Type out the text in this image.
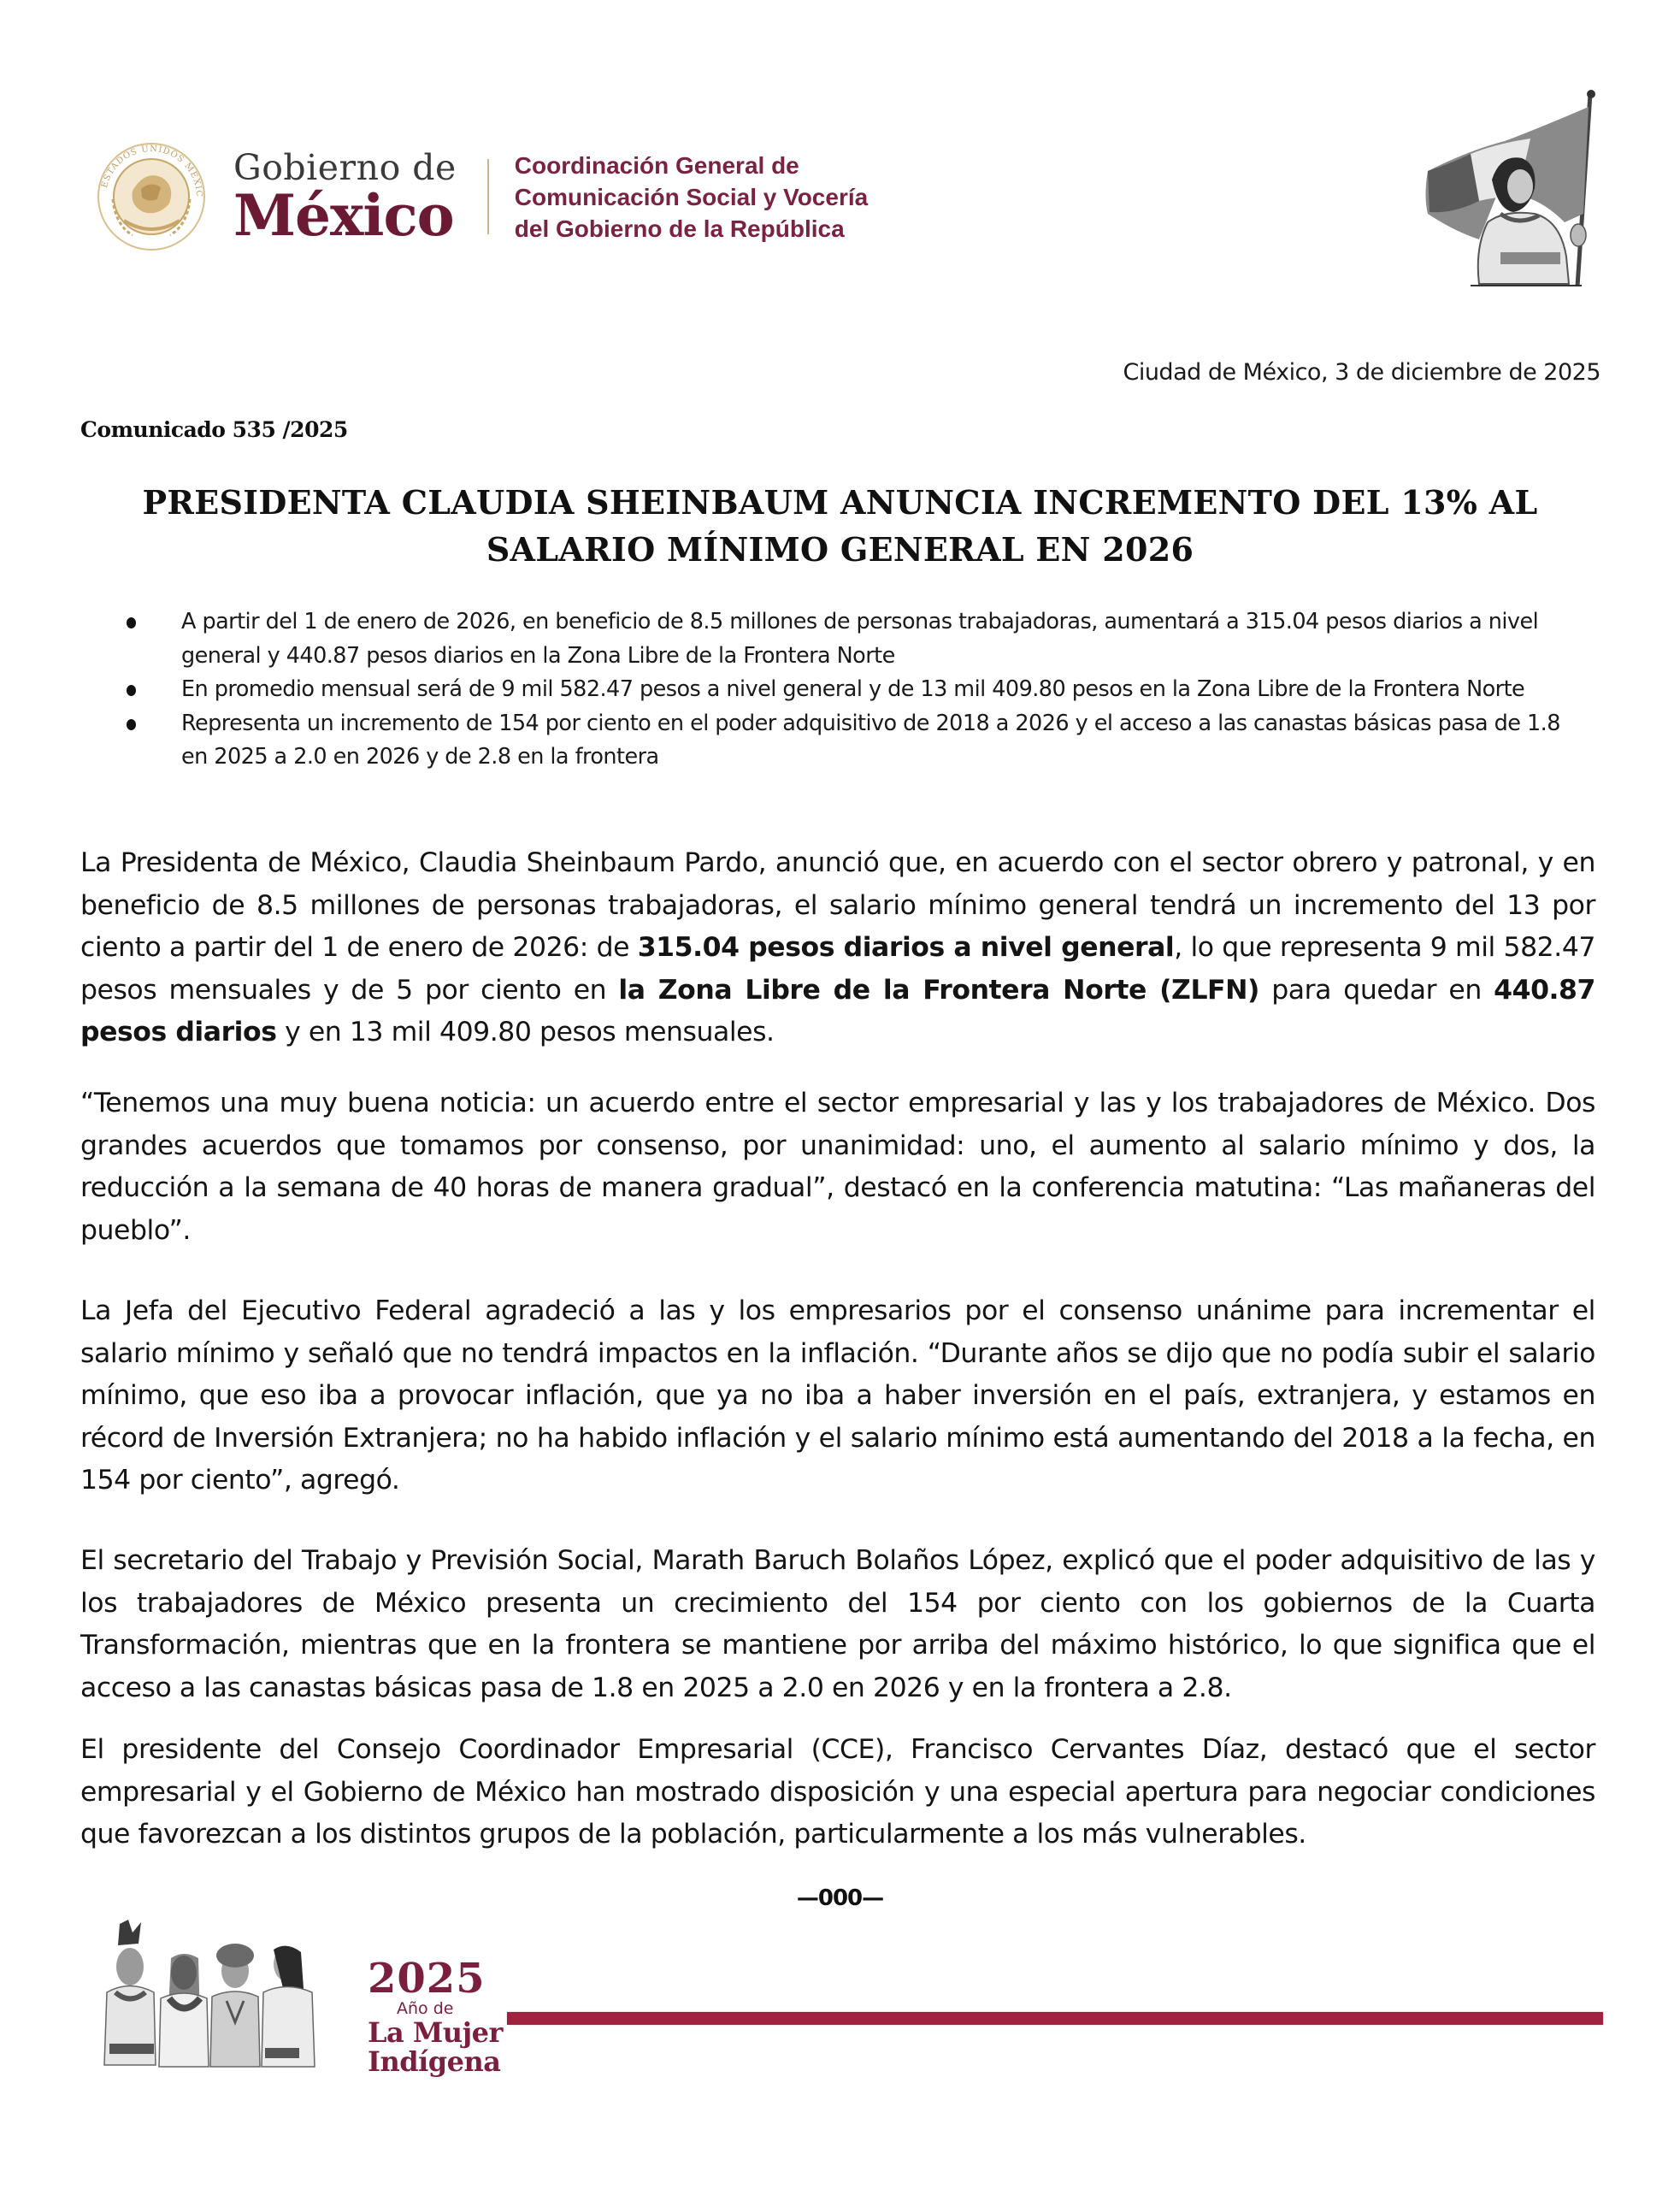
ESTADOS UNIDOS MEXIC
Gobierno de
México
Coordinación General de
Comunicación Social y Vocería
del Gobierno de la República
Ciudad de México, 3 de diciembre de 2025
Comunicado 535 /2025
PRESIDENTA CLAUDIA SHEINBAUM ANUNCIA INCREMENTO DEL 13% AL
SALARIO MÍNIMO GENERAL EN 2026
A partir del 1 de enero de 2026, en beneficio de 8.5 millones de personas trabajadoras, aumentará a 315.04 pesos diarios a nivel general y 440.87 pesos diarios en la Zona Libre de la Frontera Norte
En promedio mensual será de 9 mil 582.47 pesos a nivel general y de 13 mil 409.80 pesos en la Zona Libre de la Frontera Norte
Representa un incremento de 154 por ciento en el poder adquisitivo de 2018 a 2026 y el acceso a las canastas básicas pasa de 1.8 en 2025 a 2.0 en 2026 y de 2.8 en la frontera

La Presidenta de México, Claudia Sheinbaum Pardo, anunció que, en acuerdo con el sector obrero y patronal, y en beneficio de 8.5 millones de personas trabajadoras, el salario mínimo general tendrá un incremento del 13 por ciento a partir del 1 de enero de 2026: de 315.04 pesos diarios a nivel general, lo que representa 9 mil 582.47 pesos mensuales y de 5 por ciento en la Zona Libre de la Frontera Norte (ZLFN) para quedar en 440.87 pesos diarios y en 13 mil 409.80 pesos mensuales.

“Tenemos una muy buena noticia: un acuerdo entre el sector empresarial y las y los trabajadores de México. Dos grandes acuerdos que tomamos por consenso, por unanimidad: uno, el aumento al salario mínimo y dos, la reducción a la semana de 40 horas de manera gradual”, destacó en la conferencia matutina: “Las mañaneras del pueblo”.

La Jefa del Ejecutivo Federal agradeció a las y los empresarios por el consenso unánime para incrementar el salario mínimo y señaló que no tendrá impactos en la inflación. “Durante años se dijo que no podía subir el salario mínimo, que eso iba a provocar inflación, que ya no iba a haber inversión en el país, extranjera, y estamos en récord de Inversión Extranjera; no ha habido inflación y el salario mínimo está aumentando del 2018 a la fecha, en 154 por ciento”, agregó.

El secretario del Trabajo y Previsión Social, Marath Baruch Bolaños López, explicó que el poder adquisitivo de las y los trabajadores de México presenta un crecimiento del 154 por ciento con los gobiernos de la Cuarta Transformación, mientras que en la frontera se mantiene por arriba del máximo histórico, lo que significa que el acceso a las canastas básicas pasa de 1.8 en 2025 a 2.0 en 2026 y en la frontera a 2.8.

El presidente del Consejo Coordinador Empresarial (CCE), Francisco Cervantes Díaz, destacó que el sector empresarial y el Gobierno de México han mostrado disposición y una especial apertura para negociar condiciones que favorezcan a los distintos grupos de la población, particularmente a los más vulnerables.

—000—
2025
Año de
La Mujer
Indígena
